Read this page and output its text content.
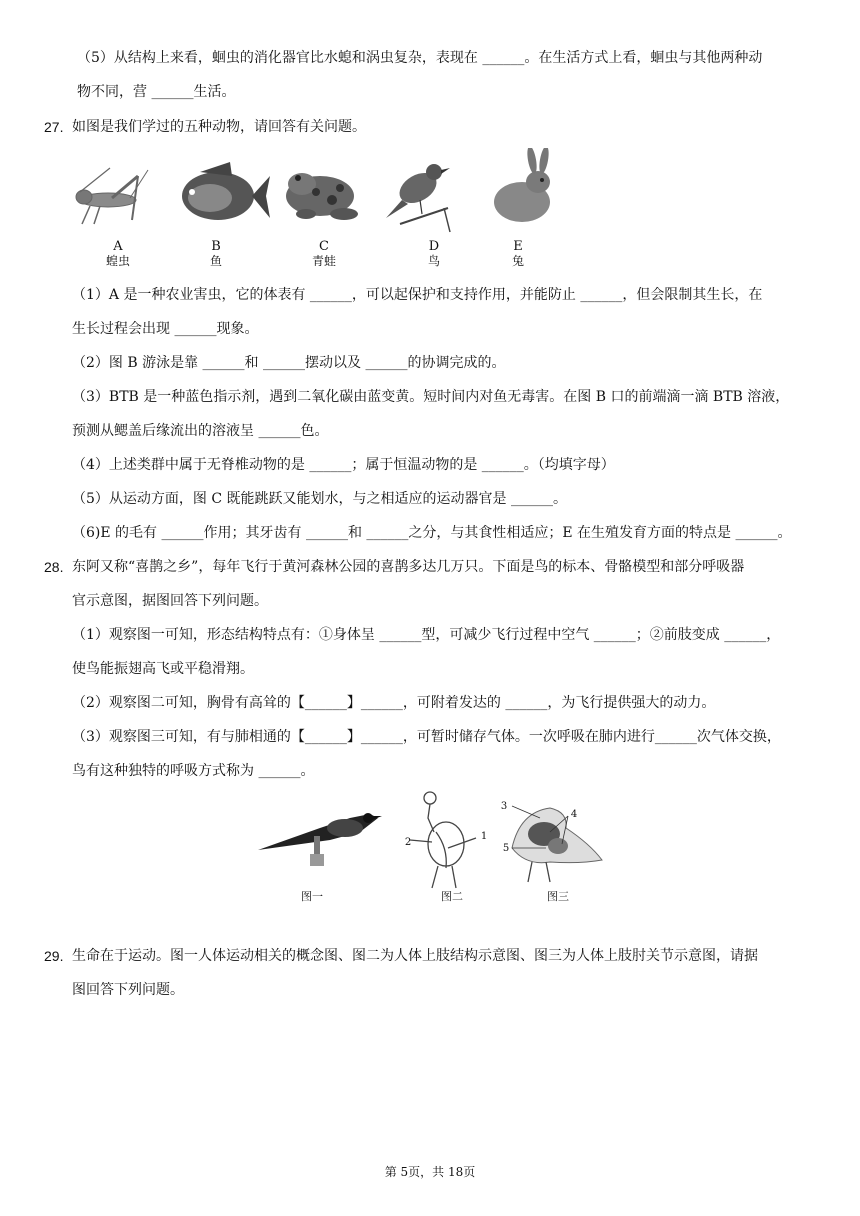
（5）从结构上来看，蛔虫的消化器官比水螅和涡虫复杂，表现在 ______。在生活方式上看，蛔虫与其他两种动
物不同，营 ______生活。
27. 如图是我们学过的五种动物，请回答有关问题。
A
蝗虫
B
鱼
C
青蛙
D
鸟
E
兔
（1）A 是一种农业害虫，它的体表有 ______，可以起保护和支持作用，并能防止 ______，但会限制其生长，在
生长过程会出现 ______现象。
（2）图 B 游泳是靠 ______和 ______摆动以及 ______的协调完成的。
（3）BTB 是一种蓝色指示剂，遇到二氧化碳由蓝变黄。短时间内对鱼无毒害。在图 B 口的前端滴一滴 BTB 溶液，
预测从鳃盖后缘流出的溶液呈 ______色。
（4）上述类群中属于无脊椎动物的是 ______；属于恒温动物的是 ______。（均填字母）
（5）从运动方面，图 C 既能跳跃又能划水，与之相适应的运动器官是 ______。
（6)E 的毛有 ______作用；其牙齿有 ______和 ______之分，与其食性相适应；E 在生殖发育方面的特点是 ______。
28. 东阿又称“喜鹊之乡”，每年飞行于黄河森林公园的喜鹊多达几万只。下面是鸟的标本、骨骼模型和部分呼吸器
官示意图，据图回答下列问题。
（1）观察图一可知，形态结构特点有：①身体呈 ______型，可减少飞行过程中空气 ______；②前肢变成 ______，
使鸟能振翅高飞或平稳滑翔。
（2）观察图二可知，胸骨有高耸的【______】______，可附着发达的 ______，为飞行提供强大的动力。
（3）观察图三可知，有与肺相通的【______】______，可暂时储存气体。一次呼吸在肺内进行______次气体交换，
鸟有这种独特的呼吸方式称为 ______。
2
1
3
4
5
图一	图二	图三
29. 生命在于运动。图一人体运动相关的概念图、图二为人体上肢结构示意图、图三为人体上肢肘关节示意图，请据
图回答下列问题。
第 5页，共 18页
